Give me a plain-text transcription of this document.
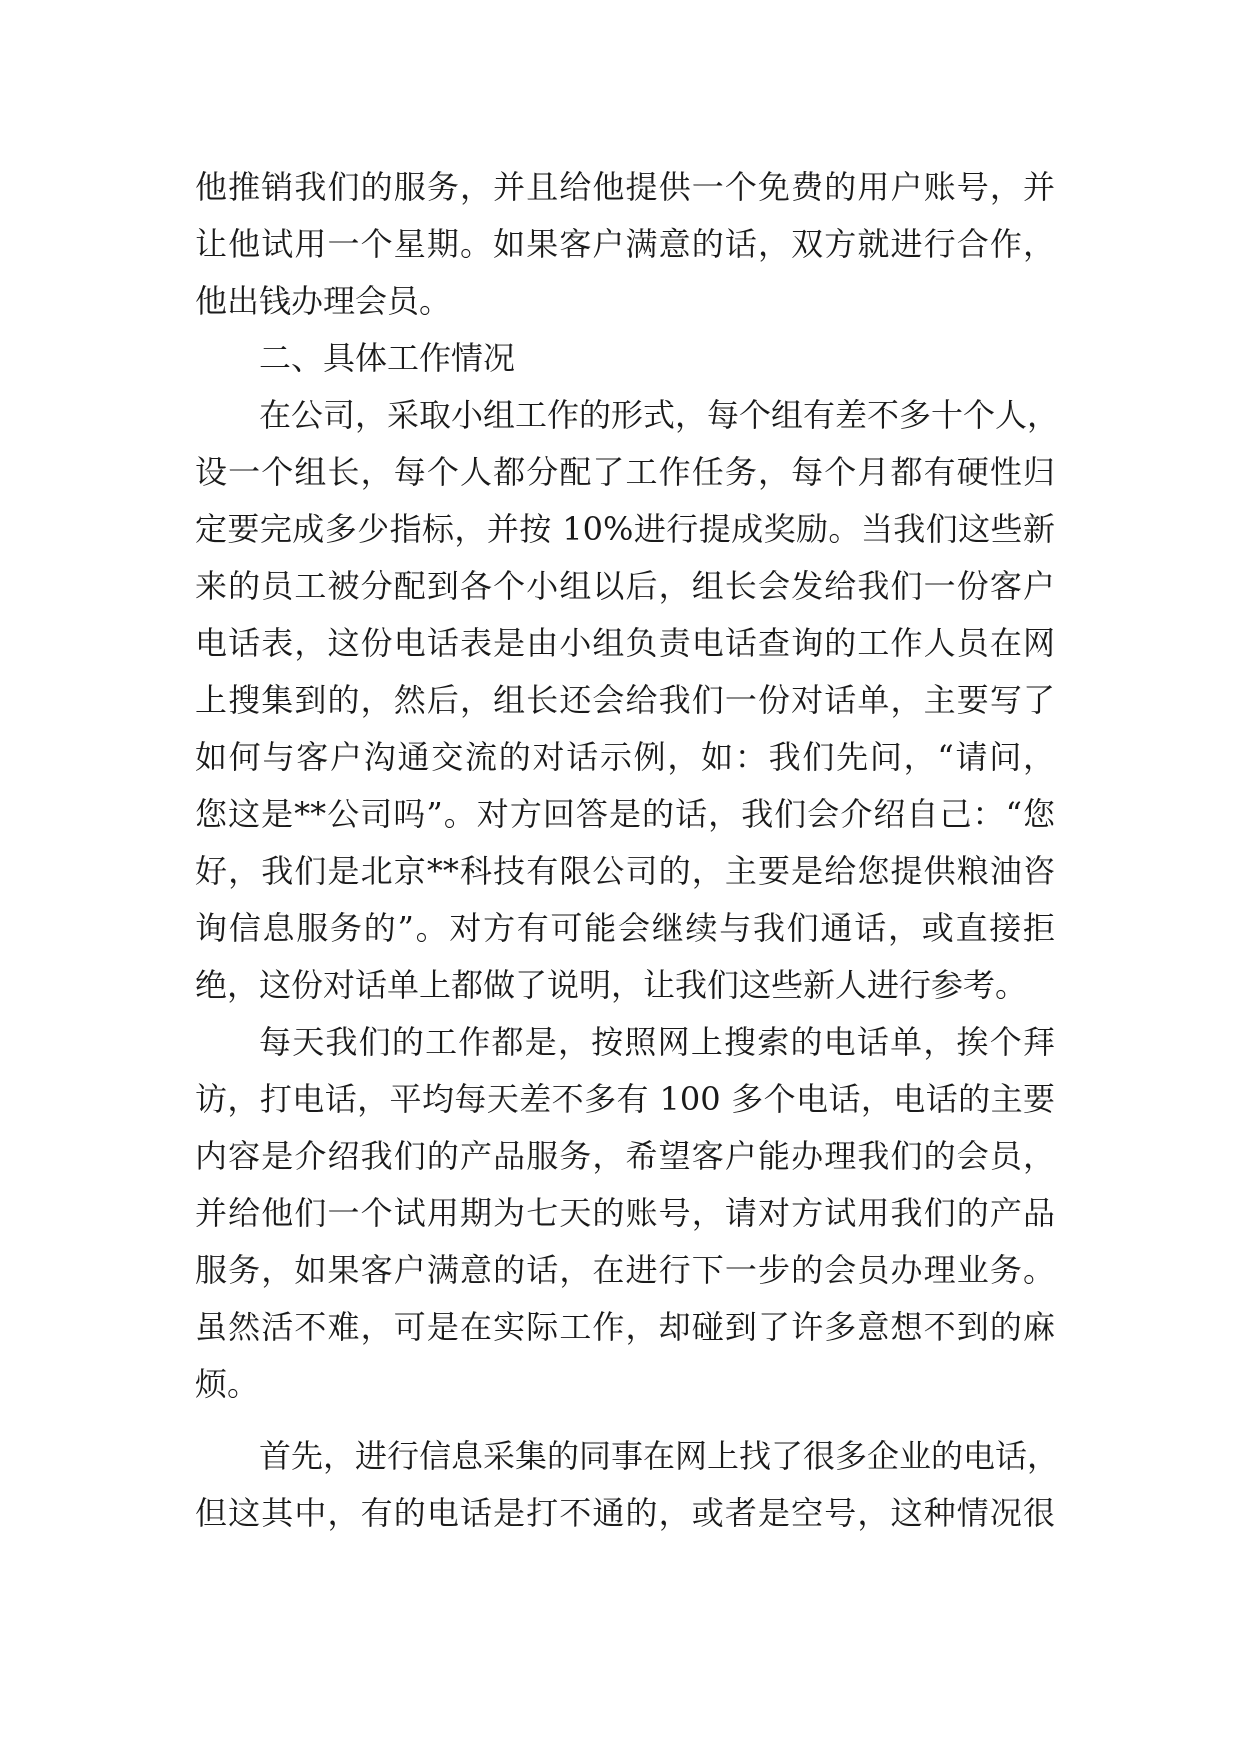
他推销我们的服务，并且给他提供一个免费的用户账号，并
让他试用一个星期。如果客户满意的话，双方就进行合作，
他出钱办理会员。
二、具体工作情况
在公司，采取小组工作的形式，每个组有差不多十个人，
设一个组长，每个人都分配了工作任务，每个月都有硬性归
定要完成多少指标，并按 10%进行提成奖励。当我们这些新
来的员工被分配到各个小组以后，组长会发给我们一份客户
电话表，这份电话表是由小组负责电话查询的工作人员在网
上搜集到的，然后，组长还会给我们一份对话单，主要写了
如何与客户沟通交流的对话示例，如：我们先问，“请问，
您这是**公司吗”。对方回答是的话，我们会介绍自己：“您
好，我们是北京**科技有限公司的，主要是给您提供粮油咨
询信息服务的”。对方有可能会继续与我们通话，或直接拒
绝，这份对话单上都做了说明，让我们这些新人进行参考。
每天我们的工作都是，按照网上搜索的电话单，挨个拜
访，打电话，平均每天差不多有 100 多个电话，电话的主要
内容是介绍我们的产品服务，希望客户能办理我们的会员，
并给他们一个试用期为七天的账号，请对方试用我们的产品
服务，如果客户满意的话，在进行下一步的会员办理业务。
虽然活不难，可是在实际工作，却碰到了许多意想不到的麻
烦。
首先，进行信息采集的同事在网上找了很多企业的电话，
但这其中，有的电话是打不通的，或者是空号，这种情况很
